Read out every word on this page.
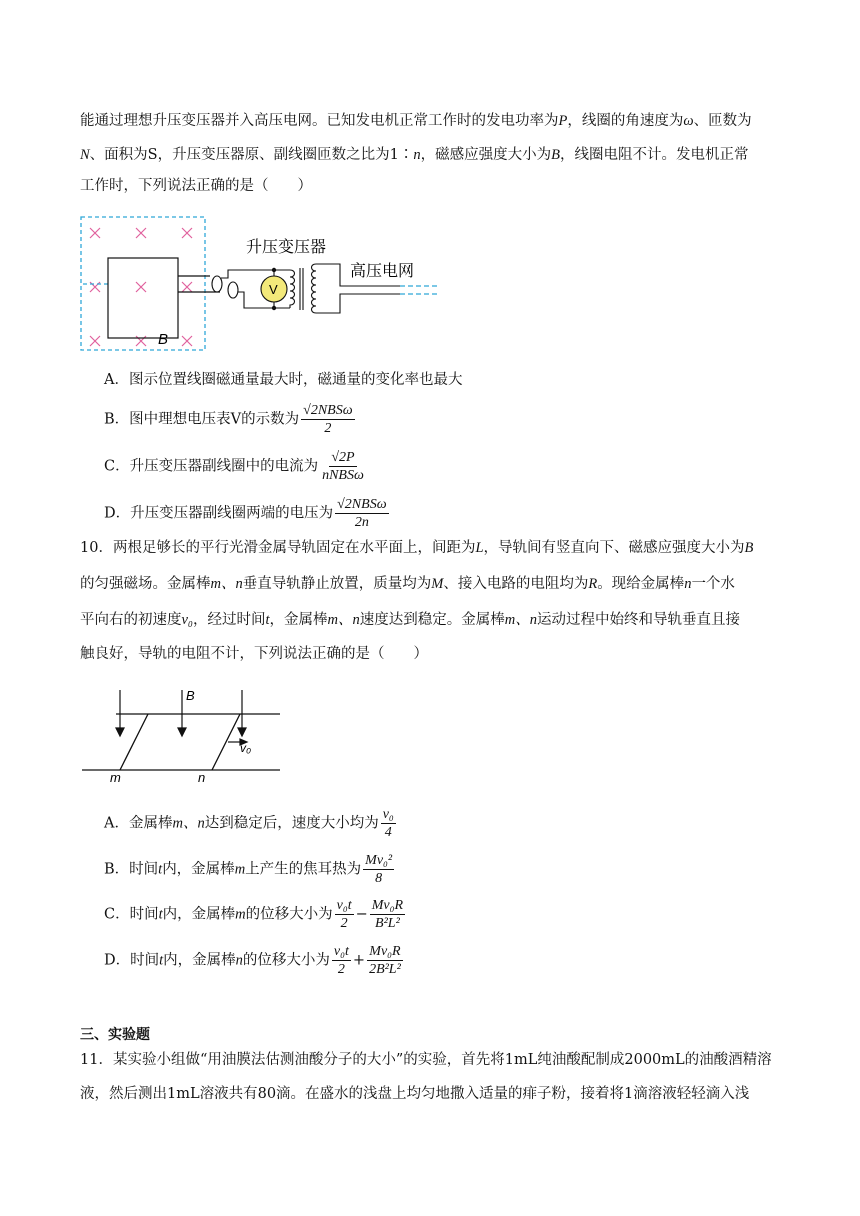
能通过理想升压变压器并入高压电网。已知发电机正常工作时的发电功率为P，线圈的角速度为ω、匝数为
N、面积为S，升压变压器原、副线圈匝数之比为1∶n，磁感应强度大小为B，线圈电阻不计。发电机正常
工作时，下列说法正确的是（　　）
V
升压变压器
高压电网
B
A．图示位置线圈磁通量最大时，磁通量的变化率也最大
B．图中理想电压表V的示数为 $\frac{\text{√2NBSω}}{2}$
C．升压变压器副线圈中的电流为 $\frac{√2P}{\text{nNBSω}}$
D．升压变压器副线圈两端的电压为 $\frac{\text{√2NBSω}}{2n}$
10．两根足够长的平行光滑金属导轨固定在水平面上，间距为L，导轨间有竖直向下、磁感应强度大小为B
的匀强磁场。金属棒m、n垂直导轨静止放置，质量均为M、接入电路的电阻均为R。现给金属棒n一个水
平向右的初速度v₀，经过时间t，金属棒m、n速度达到稳定。金属棒m、n运动过程中始终和导轨垂直且接
触良好，导轨的电阻不计，下列说法正确的是（　　）
B
v₀
m	n
A．金属棒m、n达到稳定后，速度大小均为 $\frac{\text{v₀}}{4}$
B．时间t内，金属棒m上产生的焦耳热为 $\frac{\text{Mv₀²}}{8}$
C．时间t内，金属棒m的位移大小为 $\frac{\text{v₀t}}{2} - \frac{\text{Mv₀R}}{\text{B²L²}}$
D．时间t内，金属棒n的位移大小为 $\frac{\text{v₀t}}{2} + \frac{\text{Mv₀R}}{\text{2B²L²}}$
三、实验题
11．某实验小组做“用油膜法估测油酸分子的大小”的实验，首先将1mL纯油酸配制成2000mL的油酸酒精溶
液，然后测出1mL溶液共有80滴。在盛水的浅盘上均匀地撒入适量的痱子粉，接着将1滴溶液轻轻滴入浅
